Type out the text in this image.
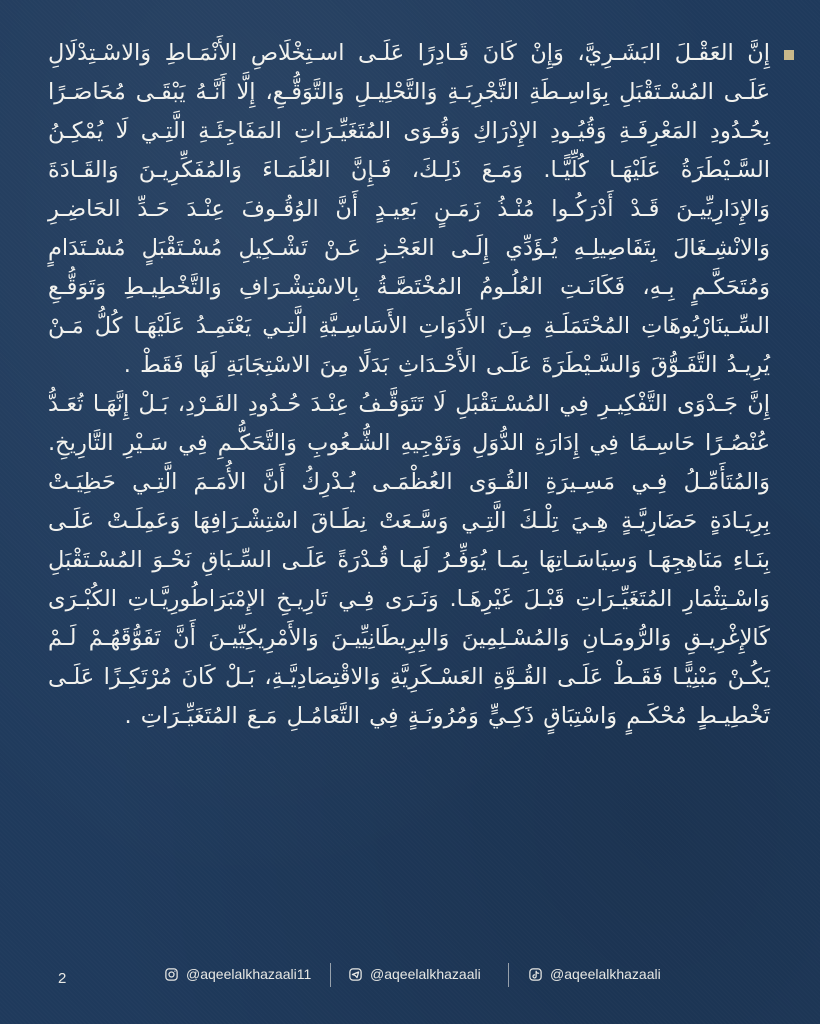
إِنَّ العَقْـلَ البَشَـرِيَّ، وَإِنْ كَانَ قَـادِرًا عَلَـى اسـتِخْلَاصِ الأَنْمَـاطِ وَالاسْـتِدْلَالِ عَلَـى المُسْـتَقْبَلِ بِوَاسِـطَةِ التَّجْرِبَـةِ وَالتَّحْلِيـلِ وَالتَّوَقُّـعِ، إِلَّا أَنَّـهُ يَبْقَـى مُحَاصَـرًا بِحُـدُودِ المَعْرِفَـةِ وَقُيُـودِ الإِدْرَاكِ وَقُـوَى المُتَغَيِّـرَاتِ المَفَاجِئَـةِ الَّتِـي لَا يُمْكِـنُ السَّـيْطَرَةُ عَلَيْهَـا كُلِّيًّـا. وَمَـعَ ذَلِـكَ، فَـإِنَّ العُلَمَـاءَ وَالمُفَكِّرِيـنَ وَالقَـادَةَ وَالإِدَارِيِّيـنَ قَـدْ أَدْرَكُـوا مُنْـذُ زَمَـنٍ بَعِيـدٍ أَنَّ الوُقُـوفَ عِنْـدَ حَـدِّ الحَاضِـرِ وَالانْشِـغَالَ بِتَفَاصِيلِـهِ يُـؤَدِّي إِلَـى العَجْـزِ عَـنْ تَشْـكِيلِ مُسْـتَقْبَلٍ مُسْـتَدَامٍ وَمُتَحَكَّـمٍ بِـهِ، فَكَانَـتِ العُلُـومُ المُخْتَصَّـةُ بِالاسْتِشْـرَافِ وَالتَّخْطِيـطِ وَتَوَقُّـعِ السِّـينَارْيُوهَاتِ المُحْتَمَلَـةِ مِـنَ الأَدَوَاتِ الأَسَاسِـيَّةِ الَّتِـي يَعْتَمِـدُ عَلَيْهَـا كُلُّ مَـنْ يُرِيـدُ التَّفَـوُّقَ وَالسَّـيْطَرَةَ عَلَـى الأَحْـدَاثِ بَدَلًا مِنَ الاسْتِجَابَةِ لَهَا فَقَطْ .

إِنَّ جَـدْوَى التَّفْكِيـرِ فِي المُسْـتَقْبَلِ لَا تَتَوَقَّـفُ عِنْـدَ حُـدُودِ الفَـرْدِ، بَـلْ إِنَّهَـا تُعَـدُّ عُنْصُـرًا حَاسِـمًا فِي إِدَارَةِ الدُّوَلِ وَتَوْجِيهِ الشُّـعُوبِ وَالتَّحَكُّـمِ فِي سَـيْرِ التَّارِيخِ. وَالمُتَأَمِّـلُ فِـي مَسِـيرَةِ القُـوَى العُظْمَـى يُـدْرِكُ أَنَّ الأُمَـمَ الَّتِـي حَظِيَـتْ بِرِيَـادَةٍ حَضَارِيَّـةٍ هِـيَ تِلْـكَ الَّتِـي وَسَّـعَتْ نِطَـاقَ اسْتِشْـرَافِهَا وَعَمِلَـتْ عَلَـى بِنَـاءِ مَنَاهِجِهَـا وَسِيَاسَـاتِهَا بِمَـا يُوَفِّـرُ لَهَـا قُـدْرَةً عَلَـى السِّـبَاقِ نَحْـوَ المُسْـتَقْبَلِ وَاسْـتِثْمَارِ المُتَغَيِّـرَاتِ قَبْـلَ غَيْرِهَـا. وَنَـرَى فِـي تَارِيـخِ الإِمْبَرَاطُورِيَّـاتِ الكُبْـرَى كَالإِغْرِيـقِ وَالرُّومَـانِ وَالمُسْـلِمِينَ وَالبِرِيطَانِيِّيـنَ وَالأَمْرِيكِيِّيـنَ أَنَّ تَفَوُّقَهُـمْ لَـمْ يَكُـنْ مَبْنِيًّـا فَقَـطْ عَلَـى القُـوَّةِ العَسْـكَرِيَّةِ وَالاقْتِصَادِيَّـةِ، بَـلْ كَانَ مُرْتَكِـزًا عَلَـى تَخْطِيـطٍ مُحْكَـمٍ وَاسْتِبَاقٍ ذَكِـيٍّ وَمُرُونَـةٍ فِي التَّعَامُـلِ مَـعَ المُتَغَيِّـرَاتِ .

2	@aqeelalkhazaali11	@aqeelalkhazaali	@aqeelalkhazaali
